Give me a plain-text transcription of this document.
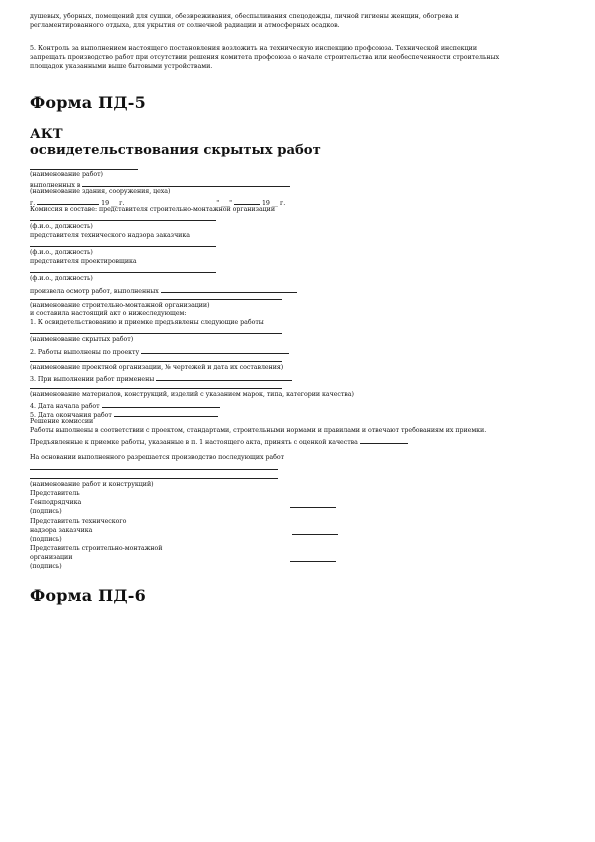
душевых, уборных, помещений для сушки, обезвреживания, обеспыливания спецодежды, личной гигиены женщин, обогрева и
регламентированного отдыха, для укрытия от солнечной радиации и атмосферных осадков.
5. Контроль за выполнением настоящего постановления возложить на техническую инспекцию профсоюза. Технической инспекции
запрещать производство работ при отсутствии решения комитета профсоюза о начале строительства или необеспеченности строительных
площадок указанными выше бытовыми устройствами.
Форма ПД-5
АКТ
освидетельствования скрытых работ
(наименование работ)
выполненных в
(наименование здания, сооружения, цеха)
г.	19 __ г.	" __ "	19 __ г.
Комиссия в составе: представителя строительно-монтажной организации
(ф.и.о., должность)
представителя технического надзора заказчика
(ф.и.о., должность)
представителя проектировщика
(ф.и.о., должность)
произвела осмотр работ, выполненных
(наименование строительно-монтажной организации)
и составила настоящий акт о нижеследующем:
1. К освидетельствованию и приемке предъявлены следующие работы
(наименование скрытых работ)
2. Работы выполнены по проекту
(наименование проектной организации, № чертежей и дата их составления)
3. При выполнении работ применены
(наименование материалов, конструкций, изделий с указанием марок, типа, категории качества)
4. Дата начала работ
5. Дата окончания работ
Решение комиссии
Работы выполнены в соответствии с проектом, стандартами, строительными нормами и правилами и отвечают требованиям их приемки.
Предъявленные к приемке работы, указанные в п. 1 настоящего акта, принять с оценкой качества
На основании выполненного разрешается производство последующих работ
(наименование работ и конструкций)
Представитель
Генподрядчика
(подпись)
Представитель технического
надзора заказчика
(подпись)
Представитель строительно-монтажной
организации
(подпись)
Форма ПД-6
